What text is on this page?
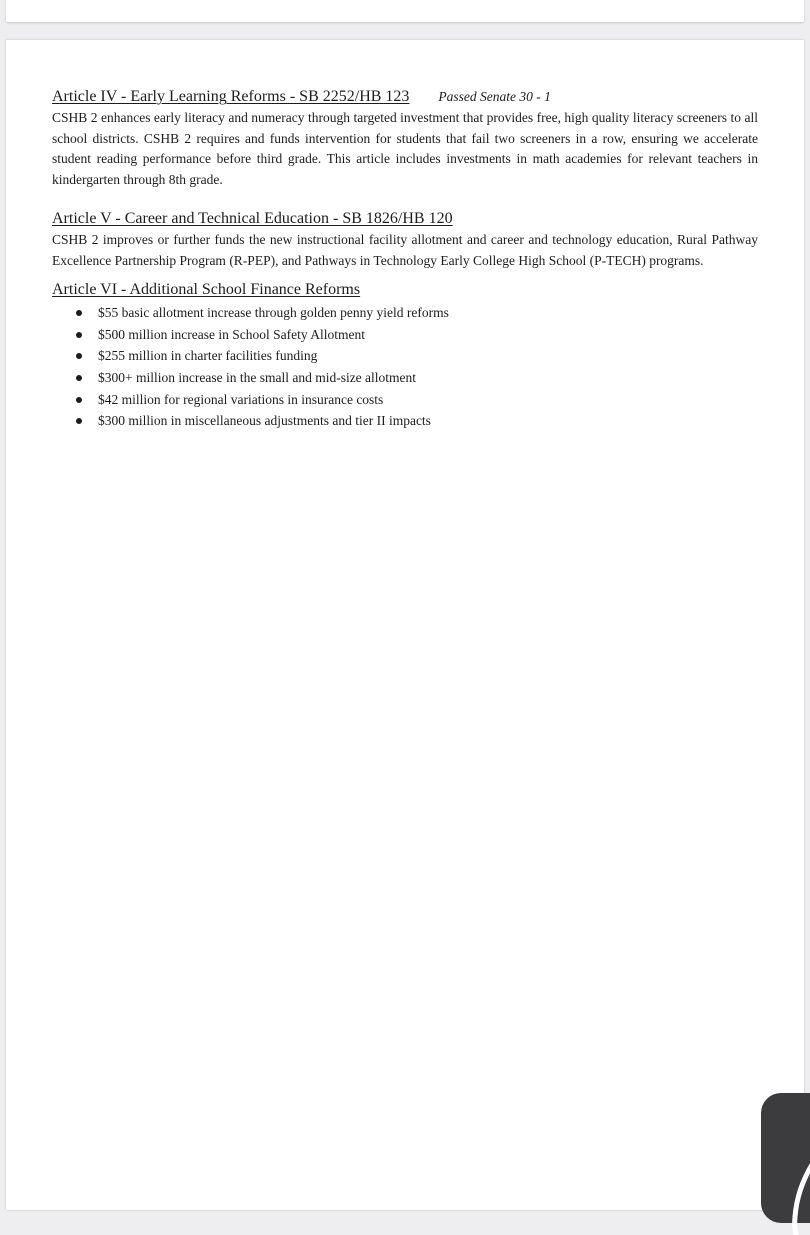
Article IV - Early Learning Reforms - SB 2252/HB 123 Passed Senate 30 - 1

CSHB 2 enhances early literacy and numeracy through targeted investment that provides free, high quality literacy screeners to all school districts. CSHB 2 requires and funds intervention for students that fail two screeners in a row, ensuring we accelerate student reading performance before third grade. This article includes investments in math academies for relevant teachers in kindergarten through 8th grade.

Article V - Career and Technical Education - SB 1826/HB 120

CSHB 2 improves or further funds the new instructional facility allotment and career and technology education, Rural Pathway Excellence Partnership Program (R-PEP), and Pathways in Technology Early College High School (P-TECH) programs.

Article VI - Additional School Finance Reforms
$55 basic allotment increase through golden penny yield reforms
$500 million increase in School Safety Allotment
$255 million in charter facilities funding
$300+ million increase in the small and mid-size allotment
$42 million for regional variations in insurance costs
$300 million in miscellaneous adjustments and tier II impacts
